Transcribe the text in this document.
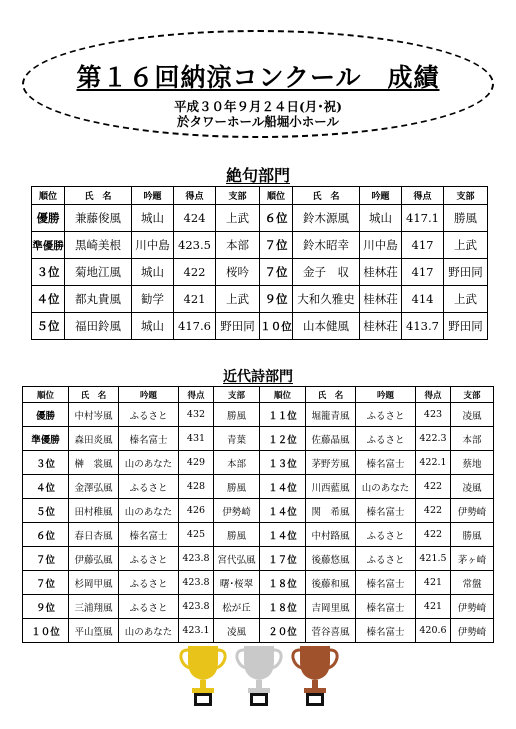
第１６回納涼コンクール　成績
平成３０年９月２４日(月･祝)
於タワーホール船堀小ホール
絶句部門
順位	氏　名	吟題	得点	支部	順位	氏　名	吟題	得点	支部
優勝	兼藤俊風	城山	424	上武	６位	鈴木源風	城山	417.1	勝風
準優勝	黒崎美根	川中島	423.5	本部	７位	鈴木昭幸	川中島	417	上武
３位	菊地江風	城山	422	桜吟	７位	金子　収	桂林荘	417	野田同
４位	都丸貴風	勧学	421	上武	９位	大和久雅史	桂林荘	414	上武
５位	福田鈴風	城山	417.6	野田同	１０位	山本健風	桂林荘	413.7	野田同
近代詩部門
順位	氏　名	吟題	得点	支部	順位	氏　名	吟題	得点	支部
優勝	中村岑風	ふるさと	432	勝風	１１位	堀籠青風	ふるさと	423	凌風
準優勝	森田炎風	榛名富士	431	青葉	１２位	佐藤晶風	ふるさと	422.3	本部
３位	榊　裳風	山のあなた	429	本部	１３位	茅野芳風	榛名富士	422.1	蔡地
４位	金澤弘風	ふるさと	428	勝風	１４位	川西藍風	山のあなた	422	凌風
５位	田村稚風	山のあなた	426	伊勢崎	１４位	関　希風	榛名富士	422	伊勢崎
６位	春日杏風	榛名富士	425	勝風	１４位	中村路風	ふるさと	422	勝風
７位	伊藤弘風	ふるさと	423.8	宮代弘風	１７位	後藤悠風	ふるさと	421.5	茅ヶ崎
７位	杉岡甲風	ふるさと	423.8	曙･桜翠	１８位	後藤和風	榛名富士	421	常盤
９位	三浦翔風	ふるさと	423.8	松が丘	１８位	吉岡里風	榛名富士	421	伊勢崎
１０位	平山篁風	山のあなた	423.1	凌風	２０位	菅谷喜風	榛名富士	420.6	伊勢崎
